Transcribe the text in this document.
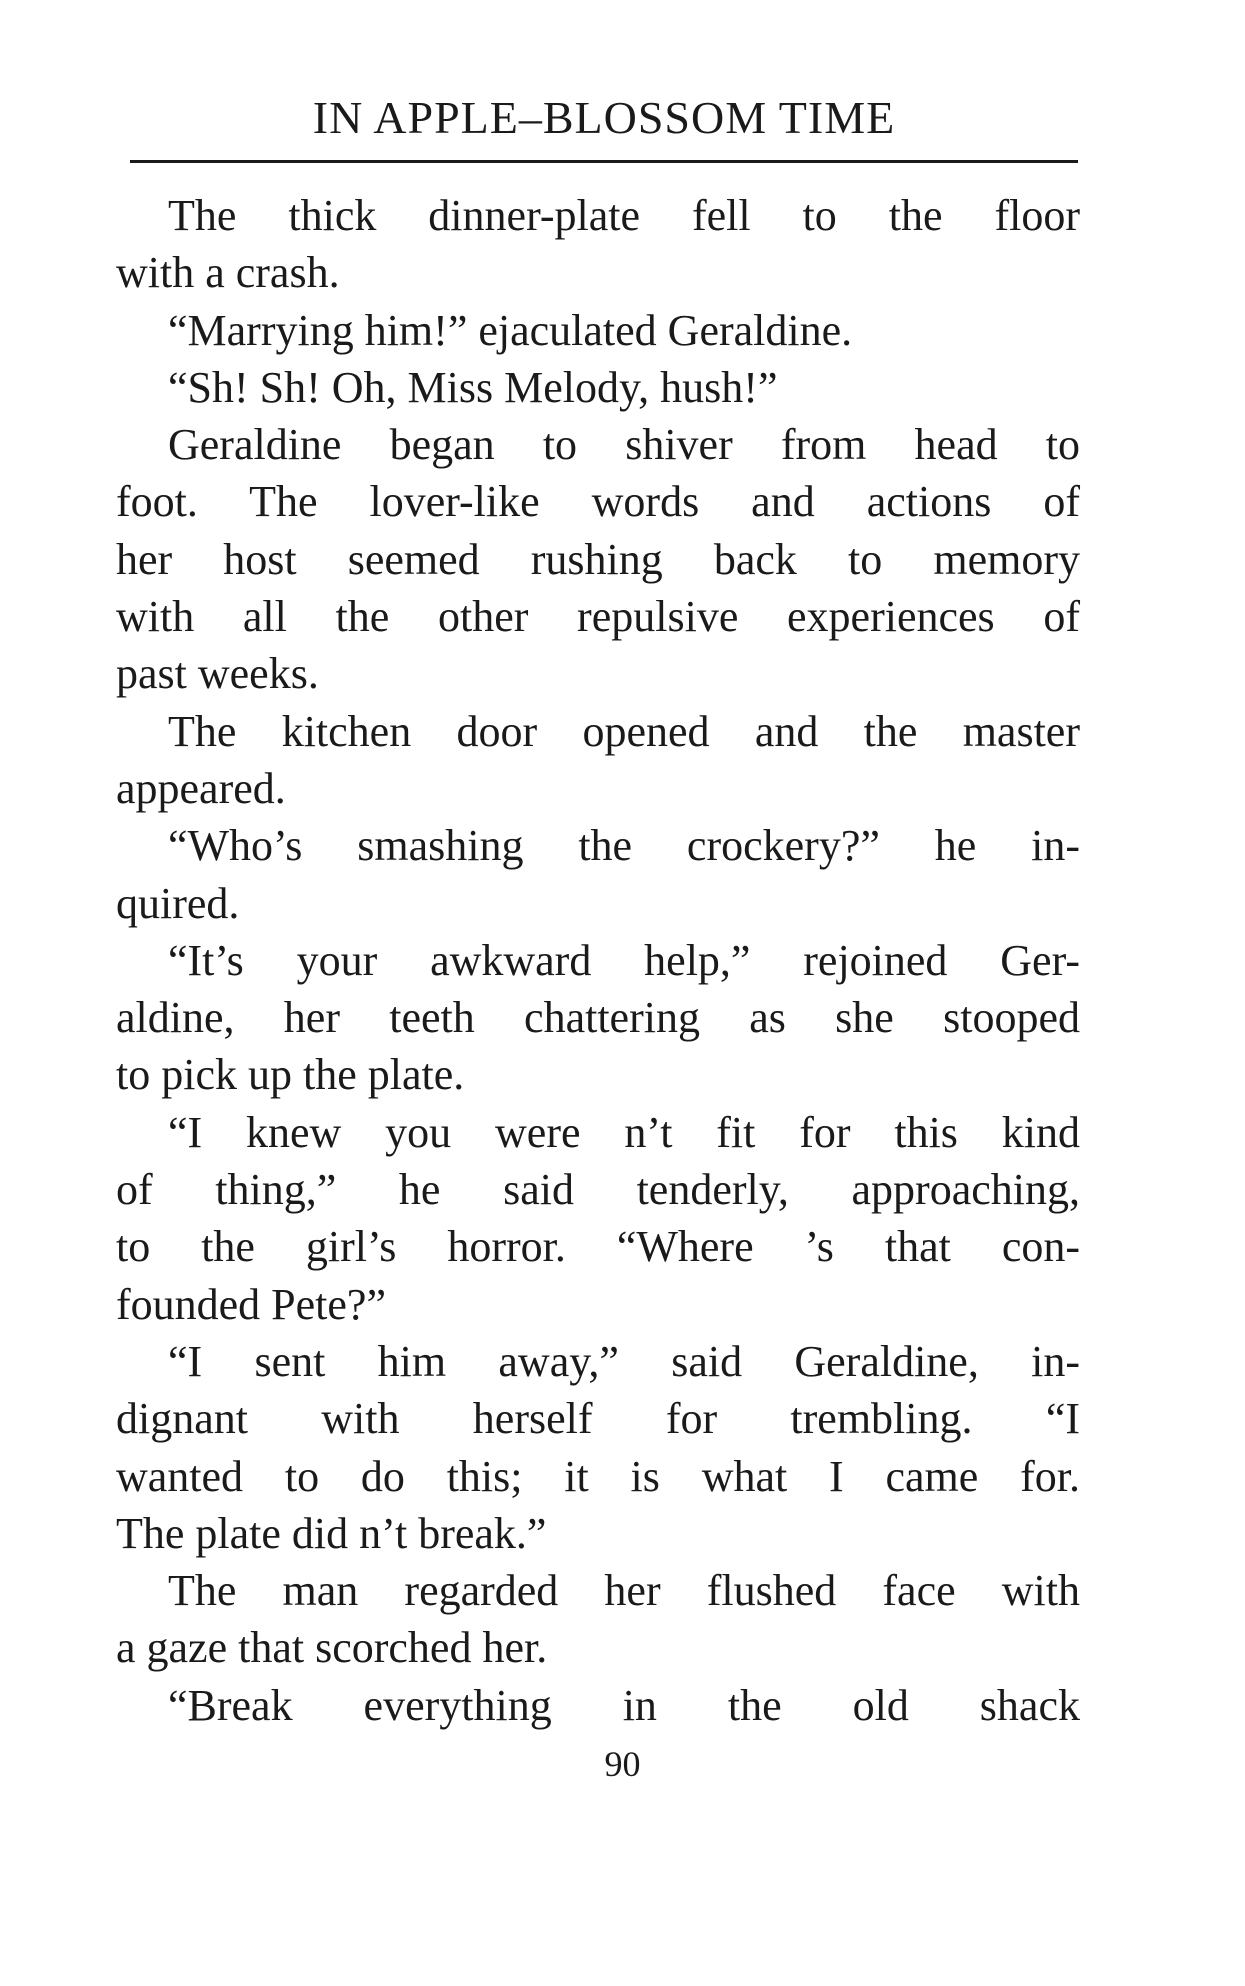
IN APPLE–BLOSSOM TIME
The thick dinner-plate fell to the floor
with a crash.
“Marrying him!” ejaculated Geraldine.
“Sh! Sh! Oh, Miss Melody, hush!”
Geraldine began to shiver from head to
foot. The lover-like words and actions of
her host seemed rushing back to memory
with all the other repulsive experiences of
past weeks.
The kitchen door opened and the master
appeared.
“Who’s smashing the crockery?” he in-
quired.
“It’s your awkward help,” rejoined Ger-
aldine, her teeth chattering as she stooped
to pick up the plate.
“I knew you were n’t fit for this kind
of thing,” he said tenderly, approaching,
to the girl’s horror. “Where ’s that con-
founded Pete?”
“I sent him away,” said Geraldine, in-
dignant with herself for trembling. “I
wanted to do this; it is what I came for.
The plate did n’t break.”
The man regarded her flushed face with
a gaze that scorched her.
“Break everything in the old shack
90
